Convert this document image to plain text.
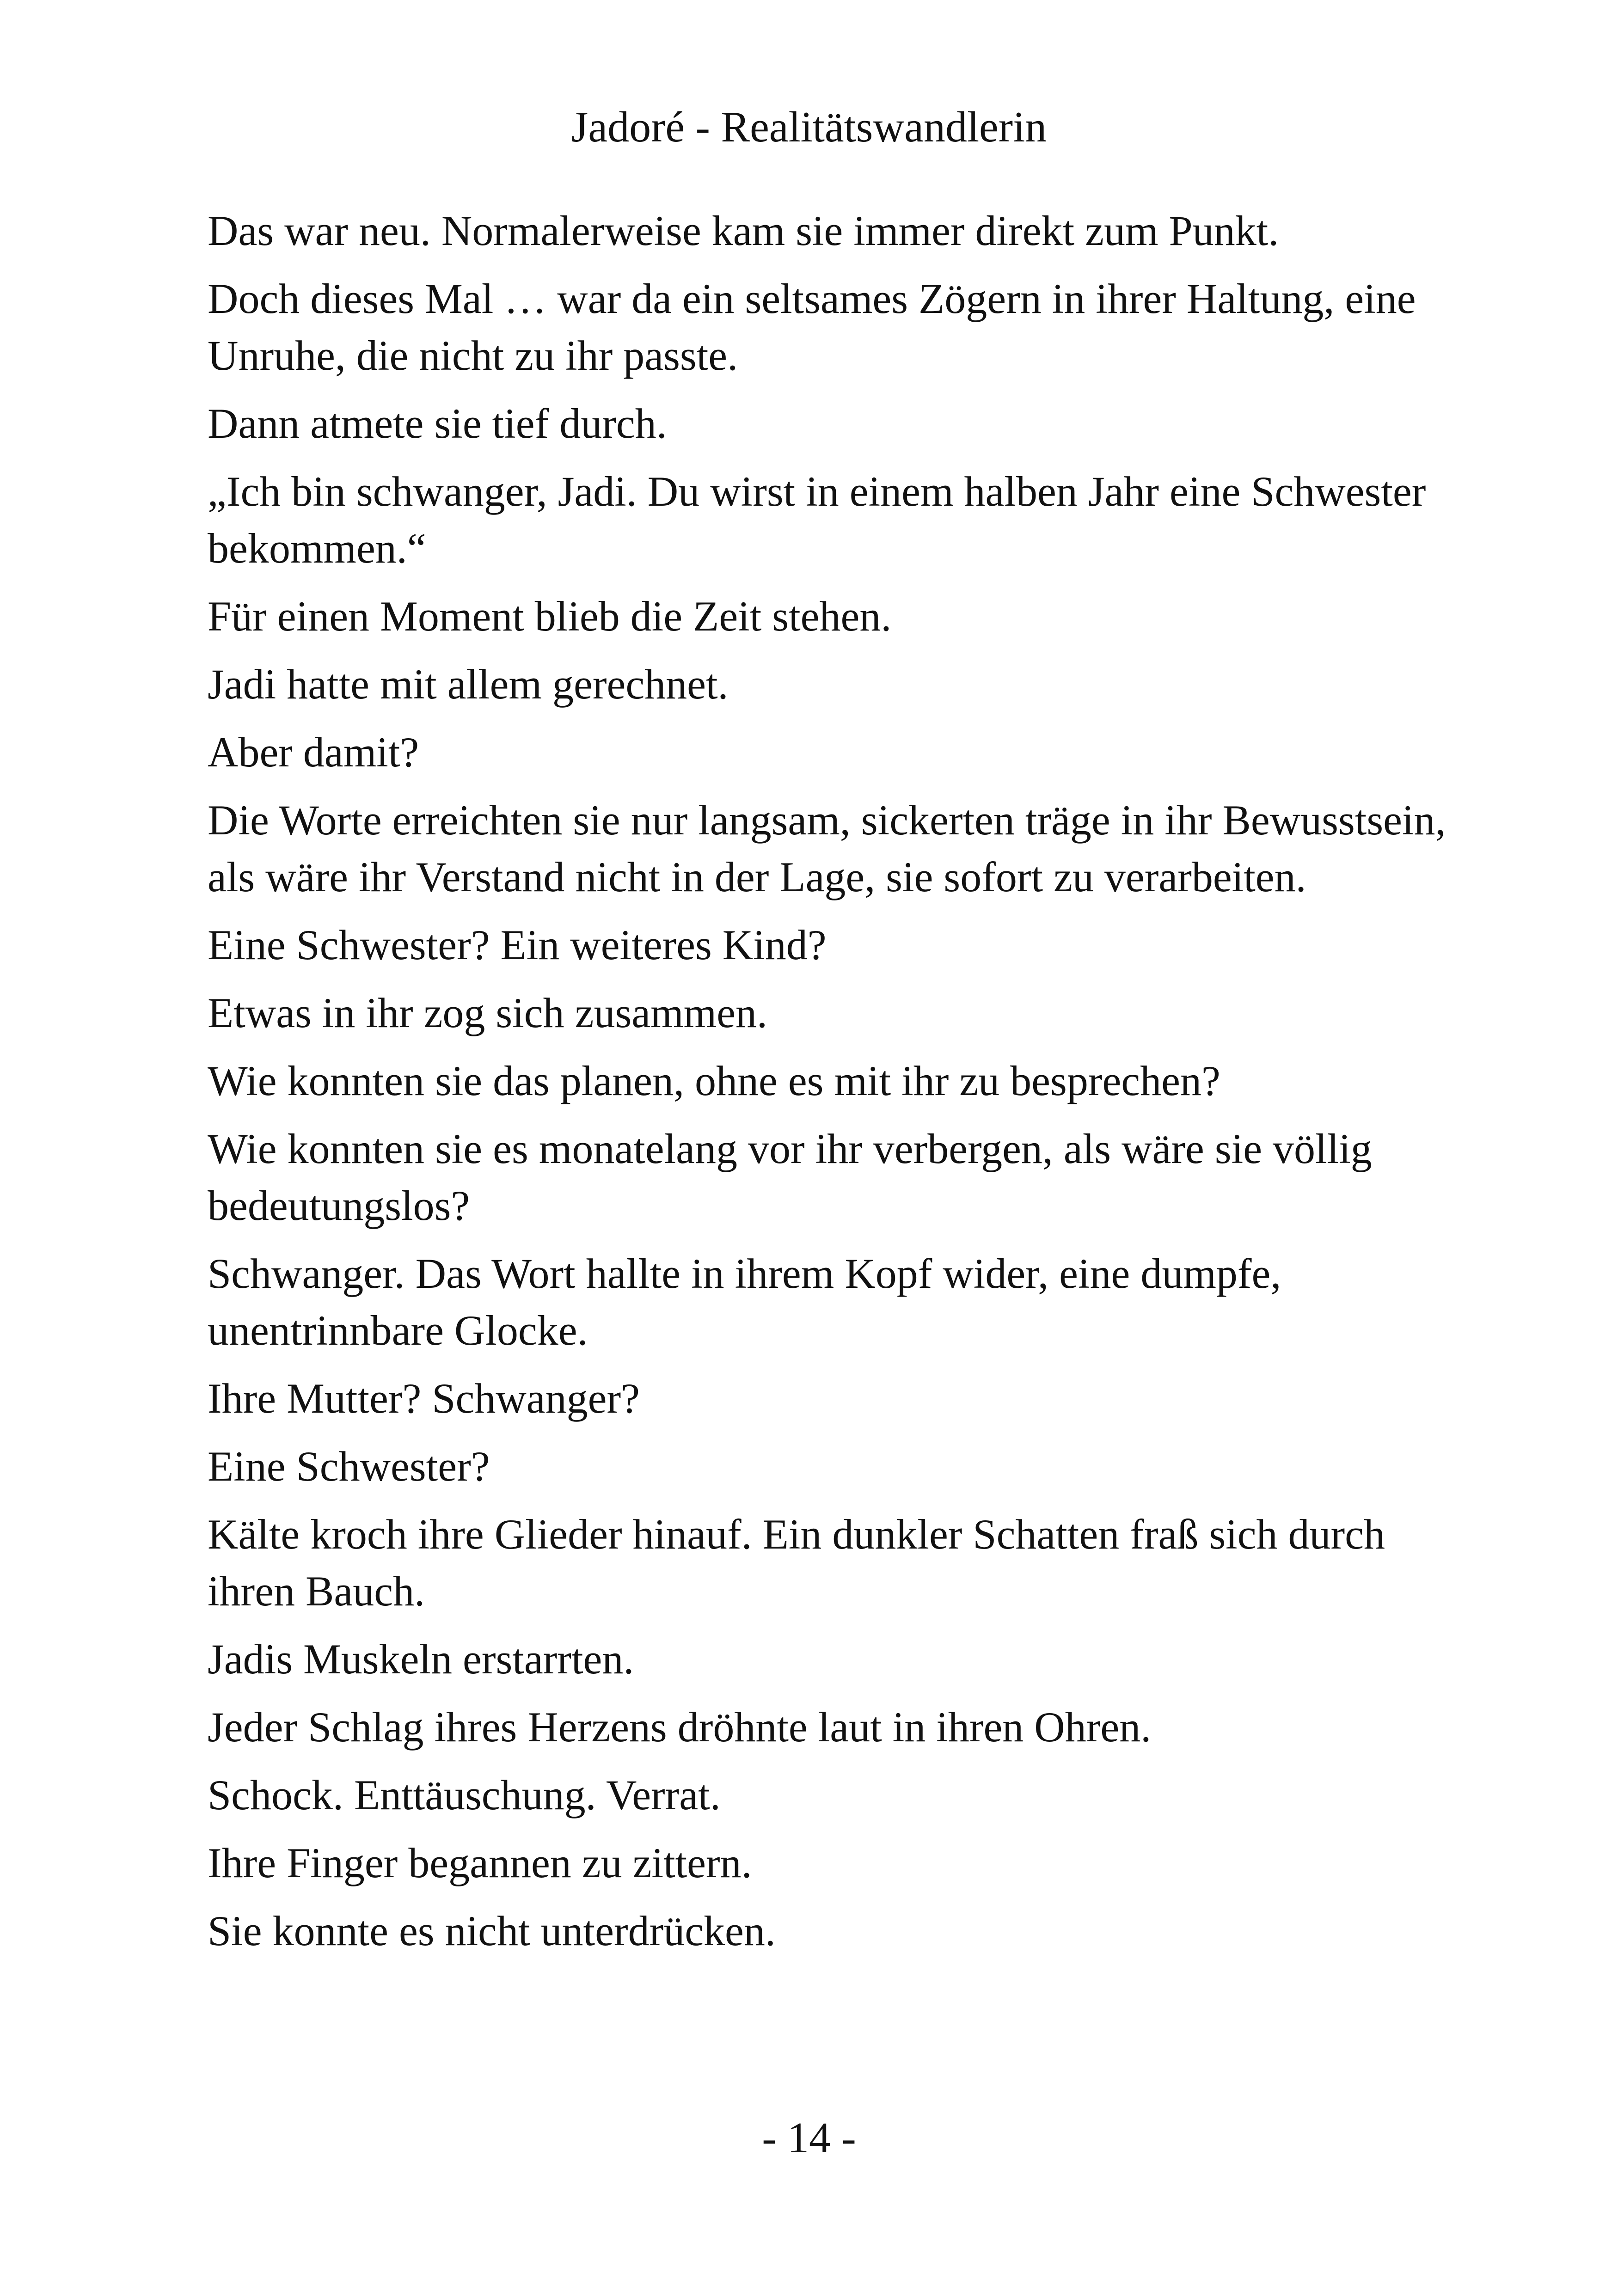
Jadoré - Realitätswandlerin

Das war neu. Normalerweise kam sie immer direkt zum Punkt.

Doch dieses Mal … war da ein seltsames Zögern in ihrer Haltung, eine Unruhe, die nicht zu ihr passte.

Dann atmete sie tief durch.

„Ich bin schwanger, Jadi. Du wirst in einem halben Jahr eine Schwester bekommen.“

Für einen Moment blieb die Zeit stehen.

Jadi hatte mit allem gerechnet.

Aber damit?

Die Worte erreichten sie nur langsam, sickerten träge in ihr Bewusstsein, als wäre ihr Verstand nicht in der Lage, sie sofort zu verarbeiten.

Eine Schwester? Ein weiteres Kind?

Etwas in ihr zog sich zusammen.

Wie konnten sie das planen, ohne es mit ihr zu besprechen?

Wie konnten sie es monatelang vor ihr verbergen, als wäre sie völlig bedeutungslos?

Schwanger. Das Wort hallte in ihrem Kopf wider, eine dumpfe, unentrinnbare Glocke.

Ihre Mutter? Schwanger?

Eine Schwester?

Kälte kroch ihre Glieder hinauf. Ein dunkler Schatten fraß sich durch ihren Bauch.

Jadis Muskeln erstarrten.

Jeder Schlag ihres Herzens dröhnte laut in ihren Ohren.

Schock. Enttäuschung. Verrat.

Ihre Finger begannen zu zittern.

Sie konnte es nicht unterdrücken.

- 14 -
